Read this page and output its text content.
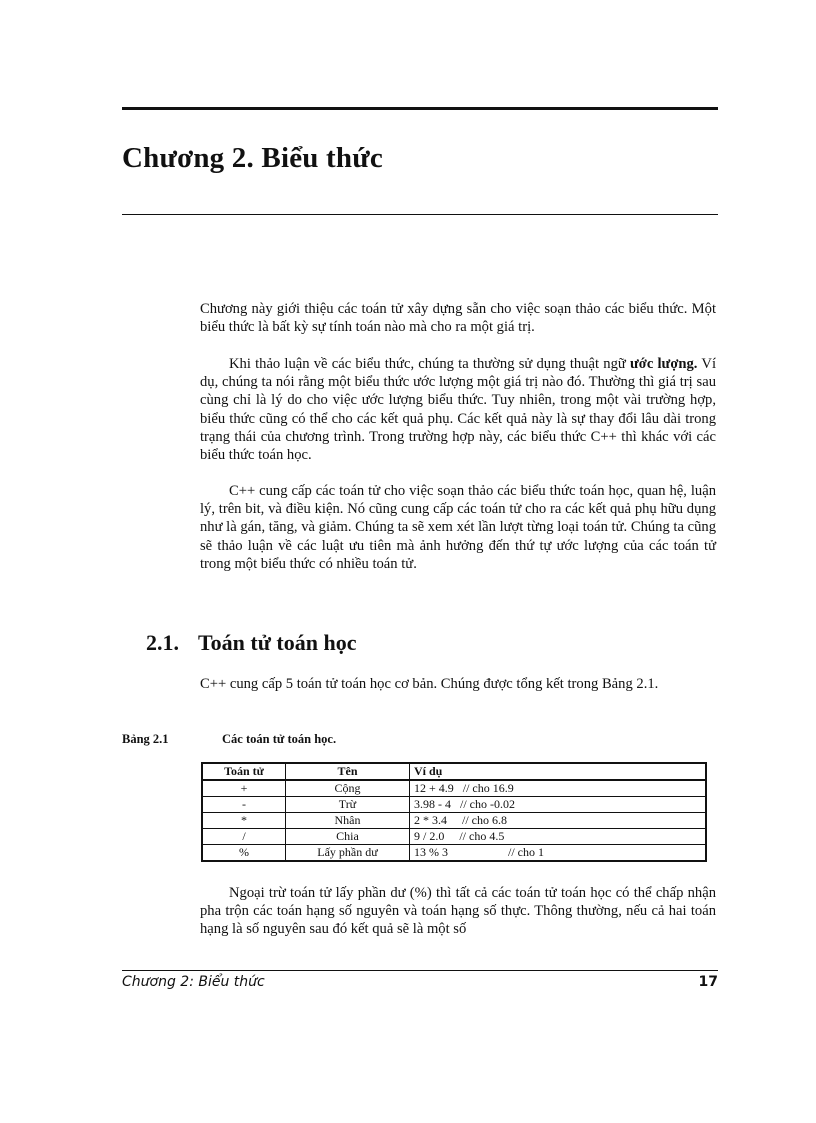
Chương 2. Biểu thức

Chương này giới thiệu các toán tử xây dựng sẵn cho việc soạn thảo các biểu thức. Một biểu thức là bất kỳ sự tính toán nào mà cho ra một giá trị.

Khi thảo luận về các biểu thức, chúng ta thường sử dụng thuật ngữ ước lượng. Ví dụ, chúng ta nói rằng một biểu thức ước lượng một giá trị nào đó. Thường thì giá trị sau cùng chỉ là lý do cho việc ước lượng biểu thức. Tuy nhiên, trong một vài trường hợp, biểu thức cũng có thể cho các kết quả phụ. Các kết quả này là sự thay đổi lâu dài trong trạng thái của chương trình. Trong trường hợp này, các biểu thức C++ thì khác với các biểu thức toán học.

C++ cung cấp các toán tử cho việc soạn thảo các biểu thức toán học, quan hệ, luận lý, trên bit, và điều kiện. Nó cũng cung cấp các toán tử cho ra các kết quả phụ hữu dụng như là gán, tăng, và giảm. Chúng ta sẽ xem xét lần lượt từng loại toán tử. Chúng ta cũng sẽ thảo luận về các luật ưu tiên mà ảnh hưởng đến thứ tự ước lượng của các toán tử trong một biểu thức có nhiều toán tử.

2.1. Toán tử toán học

C++ cung cấp 5 toán tử toán học cơ bản. Chúng được tổng kết trong Bảng 2.1.

Bảng 2.1	Các toán tử toán học.
Toán tử	Tên	Ví dụ
+	Cộng	12 + 4.9   // cho 16.9
-	Trừ	3.98 - 4   // cho -0.02
*	Nhân	2 * 3.4     // cho 6.8
/	Chia	9 / 2.0     // cho 4.5
%	Lấy phần dư	13 % 3                    // cho 1

Ngoại trừ toán tử lấy phần dư (%) thì tất cả các toán tử toán học có thể chấp nhận pha trộn các toán hạng số nguyên và toán hạng số thực. Thông thường, nếu cả hai toán hạng là số nguyên sau đó kết quả sẽ là một số

Chương 2: Biểu thức	17
